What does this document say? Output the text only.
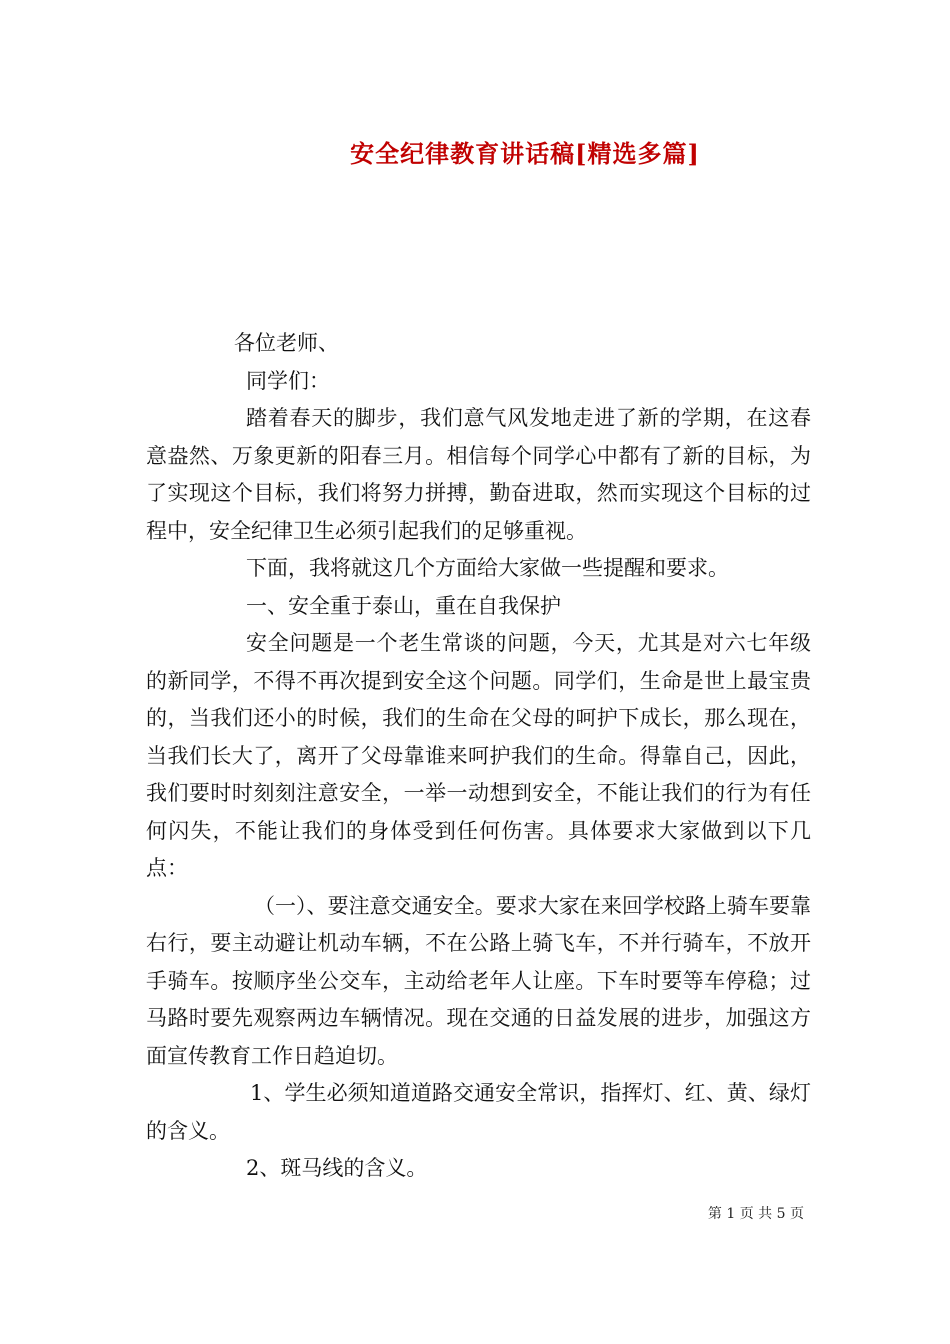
安全纪律教育讲话稿[精选多篇]

各位老师、

同学们：

踏着春天的脚步，我们意气风发地走进了新的学期，在这春意盎然、万象更新的阳春三月。相信每个同学心中都有了新的目标，为了实现这个目标，我们将努力拼搏，勤奋进取，然而实现这个目标的过程中，安全纪律卫生必须引起我们的足够重视。

下面，我将就这几个方面给大家做一些提醒和要求。

一、安全重于泰山，重在自我保护

安全问题是一个老生常谈的问题，今天，尤其是对六七年级的新同学，不得不再次提到安全这个问题。同学们，生命是世上最宝贵的，当我们还小的时候，我们的生命在父母的呵护下成长，那么现在，当我们长大了，离开了父母靠谁来呵护我们的生命。得靠自己，因此，我们要时时刻刻注意安全，一举一动想到安全，不能让我们的行为有任何闪失，不能让我们的身体受到任何伤害。具体要求大家做到以下几点：

（一）、要注意交通安全。要求大家在来回学校路上骑车要靠右行，要主动避让机动车辆，不在公路上骑飞车，不并行骑车，不放开手骑车。按顺序坐公交车，主动给老年人让座。下车时要等车停稳；过马路时要先观察两边车辆情况。现在交通的日益发展的进步，加强这方面宣传教育工作日趋迫切。

1、学生必须知道道路交通安全常识，指挥灯、红、黄、绿灯的含义。

2、斑马线的含义。

第 1 页 共 5 页
